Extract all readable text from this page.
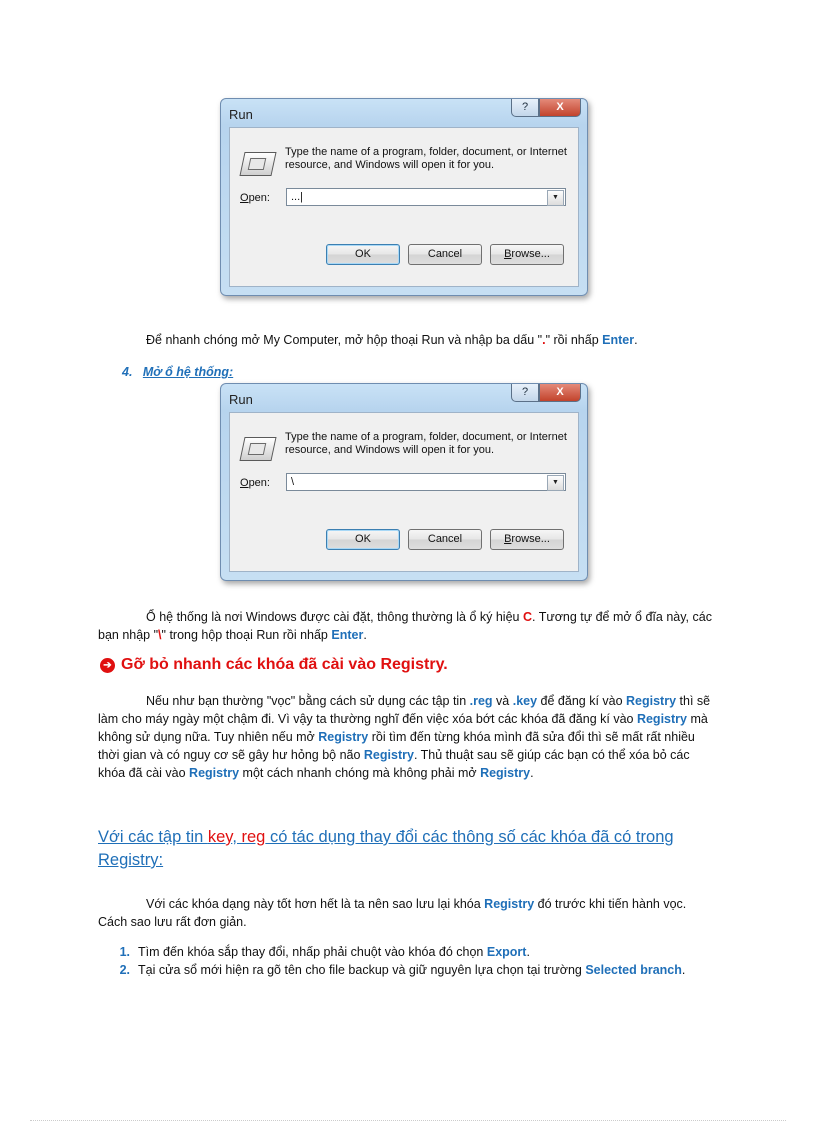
Run	?	X
Type the name of a program, folder, document, or Internet resource, and Windows will open it for you.
Open: ...|	▼
OK	Cancel	Browse...
Để nhanh chóng mở My Computer, mở hộp thoại Run và nhập ba dấu "." rồi nhấp Enter.
4. Mở ổ hệ thống:
Run	?	X
Type the name of a program, folder, document, or Internet resource, and Windows will open it for you.
Open: \	▼
OK	Cancel	Browse...
Ổ hệ thống là nơi Windows được cài đặt, thông thường là ổ ký hiệu C. Tương tự để mở ổ đĩa này, các bạn nhập "\" trong hộp thoại Run rồi nhấp Enter.
➔ Gỡ bỏ nhanh các khóa đã cài vào Registry.
Nếu như bạn thường "vọc" bằng cách sử dụng các tập tin .reg và .key để đăng kí vào Registry thì sẽ làm cho máy ngày một chậm đi. Vì vậy ta thường nghĩ đến việc xóa bớt các khóa đã đăng kí vào Registry mà không sử dụng nữa. Tuy nhiên nếu mở Registry rồi tìm đến từng khóa mình đã sửa đổi thì sẽ mất rất nhiều thời gian và có nguy cơ sẽ gây hư hỏng bộ não Registry. Thủ thuật sau sẽ giúp các bạn có thể xóa bỏ các khóa đã cài vào Registry một cách nhanh chóng mà không phải mở Registry.
Với các tập tin key, reg có tác dụng thay đổi các thông số các khóa đã có trong Registry:
Với các khóa dạng này tốt hơn hết là ta nên sao lưu lại khóa Registry đó trước khi tiến hành vọc. Cách sao lưu rất đơn giản.
1. Tìm đến khóa sắp thay đổi, nhấp phải chuột vào khóa đó chọn Export.
2. Tại cửa sổ mới hiện ra gõ tên cho file backup và giữ nguyên lựa chọn tại trường Selected branch.
